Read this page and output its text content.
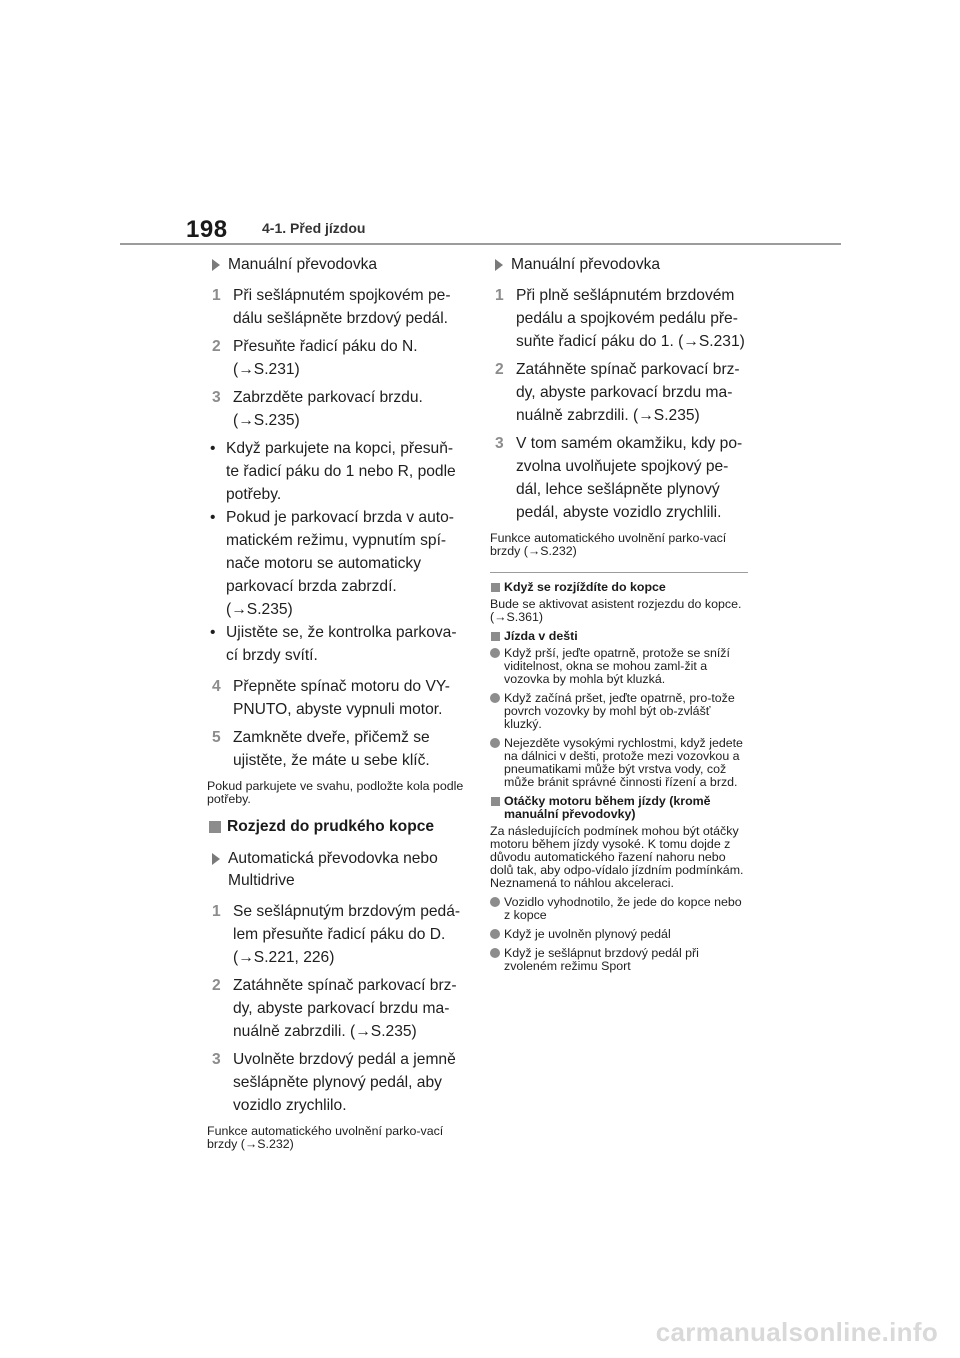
198 4-1. Před jízdou
Manuální převodovka
1 Při sešlápnutém spojkovém pe-dálu sešlápněte brzdový pedál.
2 Přesuňte řadicí páku do N. (→S.231)
3 Zabrzděte parkovací brzdu. (→S.235)
• Když parkujete na kopci, přesuň-te řadicí páku do 1 nebo R, podle potřeby.
• Pokud je parkovací brzda v auto-matickém režimu, vypnutím spí-nače motoru se automaticky parkovací brzda zabrzdí. (→S.235)
• Ujistěte se, že kontrolka parkova-cí brzdy svítí.
4 Přepněte spínač motoru do VY-PNUTO, abyste vypnuli motor.
5 Zamkněte dveře, přičemž se ujistěte, že máte u sebe klíč.
Pokud parkujete ve svahu, podložte kola podle potřeby.
Rozjezd do prudkého kopce
Automatická převodovka nebo Multidrive
1 Se sešlápnutým brzdovým pedá-lem přesuňte řadicí páku do D. (→S.221, 226)
2 Zatáhněte spínač parkovací brz-dy, abyste parkovací brzdu ma-nuálně zabrzdili. (→S.235)
3 Uvolněte brzdový pedál a jemně sešlápněte plynový pedál, aby vozidlo zrychlilo.
Funkce automatického uvolnění parko-vací brzdy (→S.232)
Manuální převodovka
1 Při plně sešlápnutém brzdovém pedálu a spojkovém pedálu pře-suňte řadicí páku do 1. (→S.231)
2 Zatáhněte spínač parkovací brz-dy, abyste parkovací brzdu ma-nuálně zabrzdili. (→S.235)
3 V tom samém okamžiku, kdy po-zvolna uvolňujete spojkový pe-dál, lehce sešlápněte plynový pedál, abyste vozidlo zrychlili.
Funkce automatického uvolnění parko-vací brzdy (→S.232)
Když se rozjíždíte do kopce
Bude se aktivovat asistent rozjezdu do kopce. (→S.361)
Jízda v dešti
Když prší, jeďte opatrně, protože se sníží viditelnost, okna se mohou zaml-žit a vozovka by mohla být kluzká.
Když začíná pršet, jeďte opatrně, pro-tože povrch vozovky by mohl být ob-zvlášť kluzký.
Nejezděte vysokými rychlostmi, když jedete na dálnici v dešti, protože mezi vozovkou a pneumatikami může být vrstva vody, což může bránit správné činnosti řízení a brzd.
Otáčky motoru během jízdy (kromě manuální převodovky)
Za následujících podmínek mohou být otáčky motoru během jízdy vysoké. K tomu dojde z důvodu automatického řazení nahoru nebo dolů tak, aby odpo-vídalo jízdním podmínkám. Neznamená to náhlou akceleraci.
Vozidlo vyhodnotilo, že jede do kopce nebo z kopce
Když je uvolněn plynový pedál
Když je sešlápnut brzdový pedál při zvoleném režimu Sport
carmanualsonline.info
